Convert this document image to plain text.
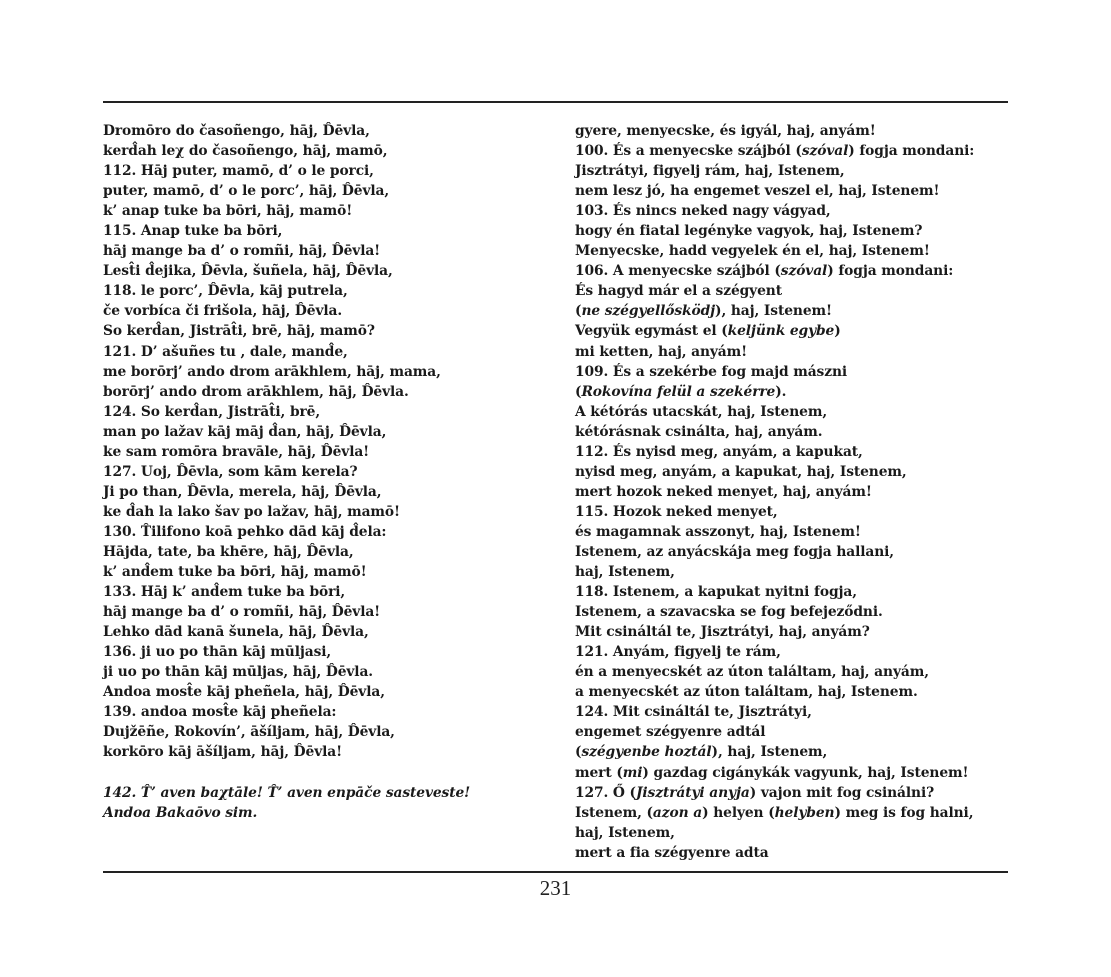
Dromōro do časoñengo, hāj, D̂ēvla,
kerd̂ah leχ do časoñengo, hāj, mamō,
112. Hāj puter, mamō, d’ o le porci,
puter, mamō, d’ o le porc’, hāj, D̂ēvla,
k’ anap tuke ba bōri, hāj, mamō!
115. Anap tuke ba bōri,
hāj mange ba d’ o romñi, hāj, D̂ēvla!
Lest̂i d̂ejika, D̂ēvla, šuñela, hāj, D̂ēvla,
118. le porc’, D̂ēvla, kāj putrela,
če vorbíca či frišola, hāj, D̂ēvla.
So kerd̂an, Jistrāt̂i, brē, hāj, mamō?
121. D’ ašuñes tu , dale, mand̂e,
me borōrj’ ando drom arākhlem, hāj, mama,
borōrj’ ando drom arākhlem, hāj, D̂ēvla.
124. So kerd̂an, Jistrāt̂i, brē,
man po lažav kāj māj d̂an, hāj, D̂ēvla,
ke sam romōra bravāle, hāj, D̂ēvla!
127. Uoj, D̂ēvla, som kām kerela?
Ji po than, D̂ēvla, merela, hāj, D̂ēvla,
ke d̂ah la lako šav po lažav, hāj, mamō!
130. T̂ilifono koā pehko dād kāj d̂ela:
Hājda, tate, ba khēre, hāj, D̂ēvla,
k’ and̂em tuke ba bōri, hāj, mamō!
133. Hāj k’ and̂em tuke ba bōri,
hāj mange ba d’ o romñi, hāj, D̂ēvla!
Lehko dād kanā šunela, hāj, D̂ēvla,
136. ji uo po thān kāj mūljasi,
ji uo po thān kāj mūljas, hāj, D̂ēvla.
Andoa most̂e kāj pheñela, hāj, D̂ēvla,
139. andoa most̂e kāj pheñela:
Dujžēñe, Rokovín’, āšíljam, hāj, D̂ēvla,
korkōro kāj āšíljam, hāj, D̂ēvla!
142. T̂’ aven baχtāle! T̂’ aven enpāče sasteveste!
Andoa Bakaōvo sim.
gyere, menyecske, és igyál, haj, anyám!
100. És a menyecske szájból (szóval) fogja mondani:
Jisztrátyi, figyelj rám, haj, Istenem,
nem lesz jó, ha engemet veszel el, haj, Istenem!
103. És nincs neked nagy vágyad,
hogy én fiatal legényke vagyok, haj, Istenem?
Menyecske, hadd vegyelek én el, haj, Istenem!
106. A menyecske szájból (szóval) fogja mondani:
És hagyd már el a szégyent
(ne szégyellősködj), haj, Istenem!
Vegyük egymást el (keljünk egybe)
mi ketten, haj, anyám!
109. És a szekérbe fog majd mászni
(Rokovína felül a szekérre).
A kétórás utacskát, haj, Istenem,
kétórásnak csinálta, haj, anyám.
112. És nyisd meg, anyám, a kapukat,
nyisd meg, anyám, a kapukat, haj, Istenem,
mert hozok neked menyet, haj, anyám!
115. Hozok neked menyet,
és magamnak asszonyt, haj, Istenem!
Istenem, az anyácskája meg fogja hallani,
haj, Istenem,
118. Istenem, a kapukat nyitni fogja,
Istenem, a szavacska se fog befejeződni.
Mit csináltál te, Jisztrátyi, haj, anyám?
121. Anyám, figyelj te rám,
én a menyecskét az úton találtam, haj, anyám,
a menyecskét az úton találtam, haj, Istenem.
124. Mit csináltál te, Jisztrátyi,
engemet szégyenre adtál
(szégyenbe hoztál), haj, Istenem,
mert (mi) gazdag cigánykák vagyunk, haj, Istenem!
127. Ő (Jisztrátyi anyja) vajon mit fog csinálni?
Istenem, (azon a) helyen (helyben) meg is fog halni,
haj, Istenem,
mert a fia szégyenre adta
231
